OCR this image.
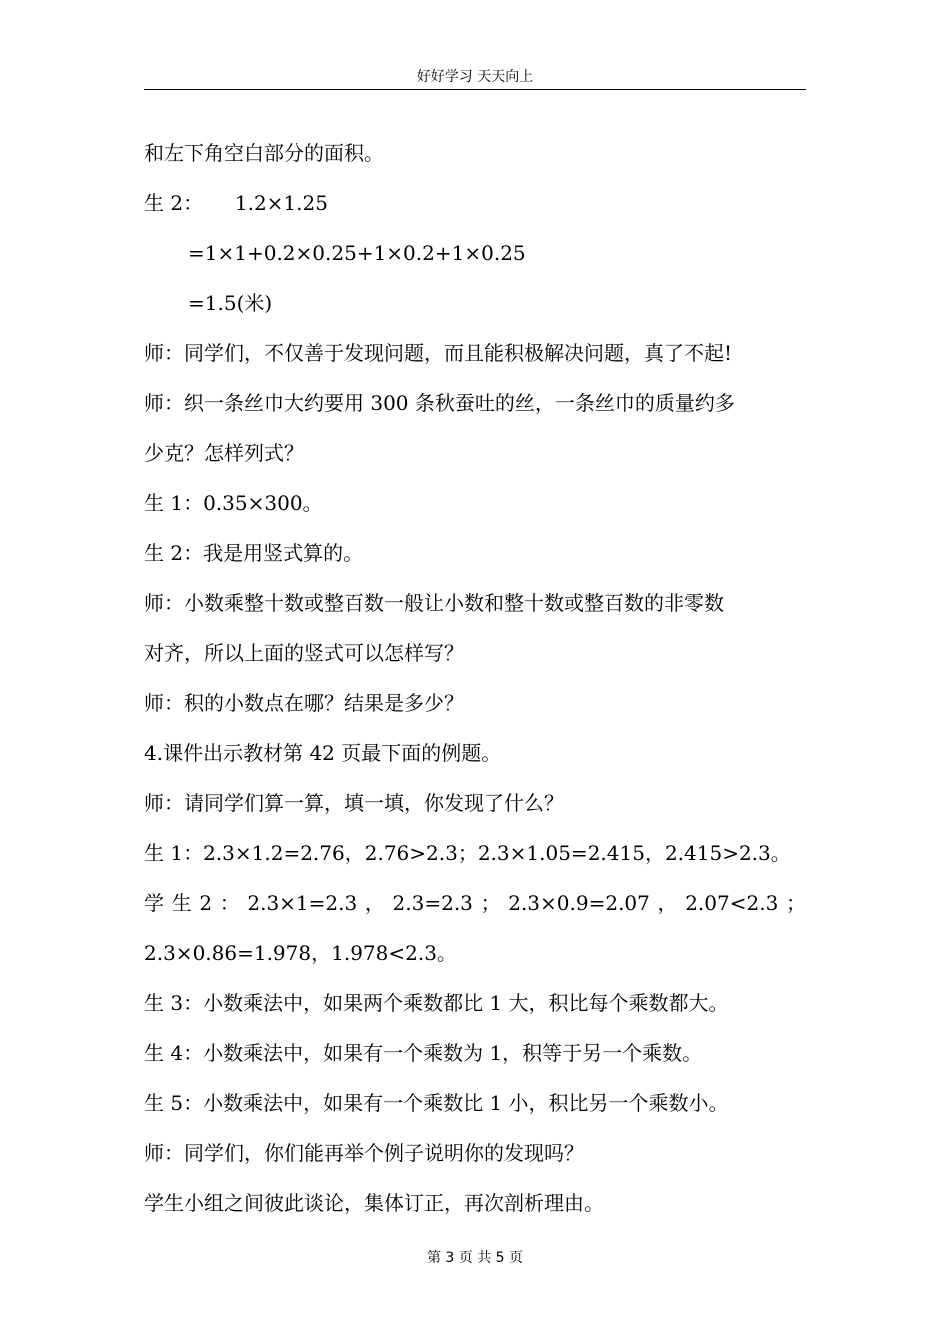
好好学习 天天向上
和左下角空白部分的面积。
生 2：     1.2×1.25
=1×1+0.2×0.25+1×0.2+1×0.25
=1.5(米)
师：同学们，不仅善于发现问题，而且能积极解决问题，真了不起!
师：织一条丝巾大约要用 300 条秋蚕吐的丝，一条丝巾的质量约多
少克？怎样列式？
生 1：0.35×300。
生 2：我是用竖式算的。
师：小数乘整十数或整百数一般让小数和整十数或整百数的非零数
对齐，所以上面的竖式可以怎样写？
师：积的小数点在哪？结果是多少？
4.课件出示教材第 42 页最下面的例题。
师：请同学们算一算，填一填，你发现了什么？
生 1：2.3×1.2=2.76，2.76>2.3；2.3×1.05=2.415，2.415>2.3。
学 生 2 ： 2.3×1=2.3 ， 2.3=2.3 ； 2.3×0.9=2.07 ， 2.07<2.3 ；
2.3×0.86=1.978，1.978<2.3。
生 3：小数乘法中，如果两个乘数都比 1 大，积比每个乘数都大。
生 4：小数乘法中，如果有一个乘数为 1，积等于另一个乘数。
生 5：小数乘法中，如果有一个乘数比 1 小，积比另一个乘数小。
师：同学们，你们能再举个例子说明你的发现吗？
学生小组之间彼此谈论，集体订正，再次剖析理由。
第 3 页 共 5 页
